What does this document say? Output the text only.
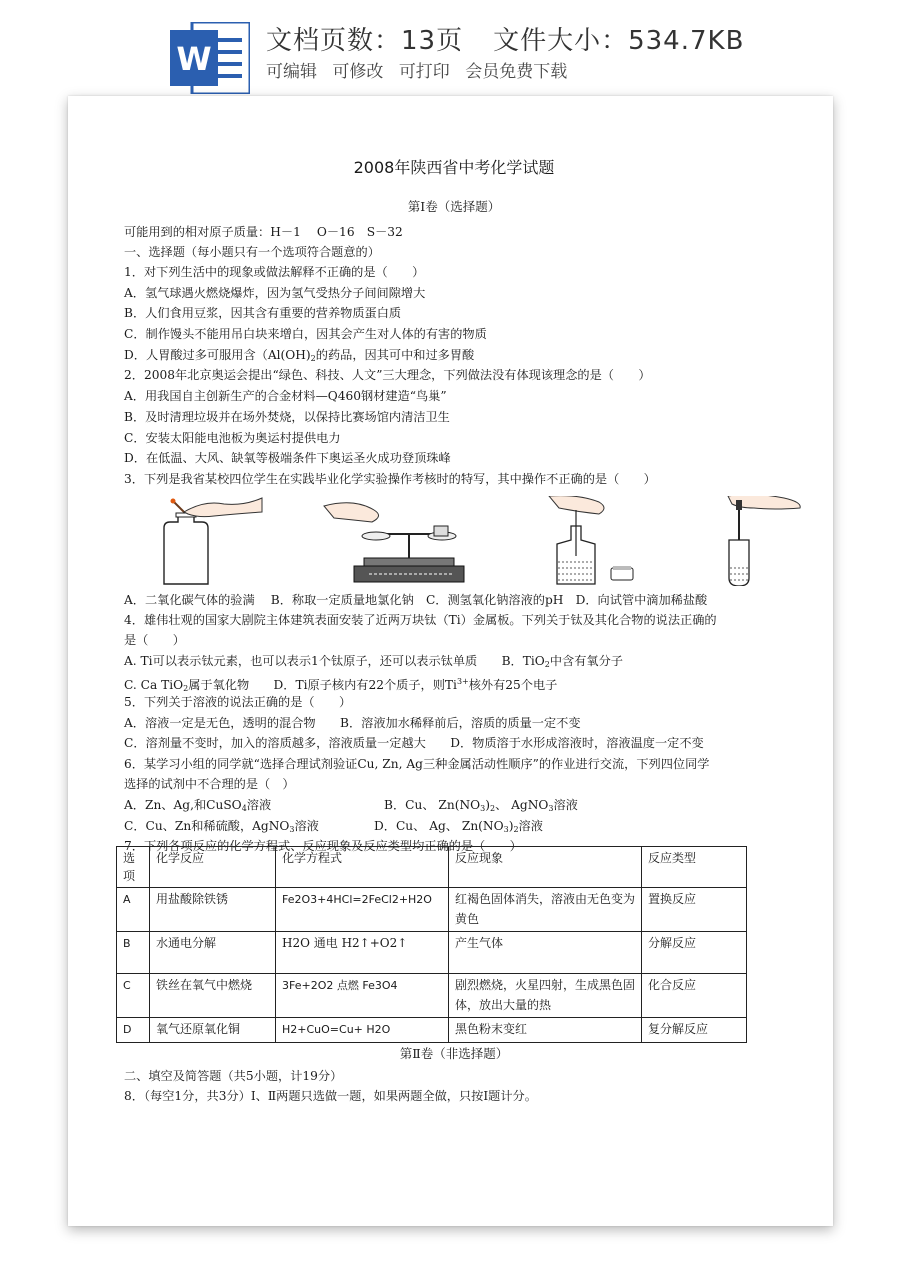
W 文档页数：13页 文件大小：534.7KB
可编辑 可修改 可打印 会员免费下载
2008年陕西省中考化学试题
第Ⅰ卷（选择题）
可能用到的相对原子质量：H－1　 O－16　S－32
一、选择题（每小题只有一个选项符合题意的）
1．对下列生活中的现象或做法解释不正确的是（　　）
A．氢气球遇火燃烧爆炸，因为氢气受热分子间间隙增大
B．人们食用豆浆，因其含有重要的营养物质蛋白质
C．制作馒头不能用吊白块来增白，因其会产生对人体的有害的物质
D．人胃酸过多可服用含（$Al(OH)_2$的药品，因其可中和过多胃酸
2．2008年北京奥运会提出“绿色、科技、人文”三大理念，下列做法没有体现该理念的是（　　）
A．用我国自主创新生产的合金材料—Q460钢材建造“鸟巢”
B．及时清理垃圾并在场外焚烧，以保持比赛场馆内清洁卫生
C．安装太阳能电池板为奥运村提供电力
D．在低温、大风、缺氧等极端条件下奥运圣火成功登顶珠峰
3．下列是我省某校四位学生在实践毕业化学实验操作考核时的特写，其中操作不正确的是（　　）
A．二氧化碳气体的验满　 B．称取一定质量地氯化钠　C．测氢氧化钠溶液的pH　D．向试管中滴加稀盐酸
4．雄伟壮观的国家大剧院主体建筑表面安装了近两万块钛（Ti）金属板。下列关于钛及其化合物的说法正确的
是（　　）
A. Ti可以表示钛元素，也可以表示1个钛原子，还可以表示钛单质　　B．TiO$_2$中含有氧分子
C. Ca TiO$_2$属于氧化物　　D．Ti原子核内有22个质子，则$Ti^{3+}$核外有25个电子
5．下列关于溶液的说法正确的是（　　）
A．溶液一定是无色，透明的混合物　　B．溶液加水稀释前后，溶质的质量一定不变
C．溶剂量不变时，加入的溶质越多，溶液质量一定越大　　D．物质溶于水形成溶液时，溶液温度一定不变
6．某学习小组的同学就“选择合理试剂验证Cu, Zn, Ag三种金属活动性顺序”的作业进行交流，下列四位同学
选择的试剂中不合理的是（　）
A．Zn、Ag,和CuSO$_4$溶液	B．Cu、 $Zn(NO_3)_2$、 AgNO$_3$溶液
C．Cu、Zn和稀硫酸，AgNO$_3$溶液	D．Cu、 Ag、 $Zn(NO_3)_2$溶液
7．下列各项反应的化学方程式、反应现象及反应类型均正确的是（　　）
选项	化学反应	化学方程式	反应现象	反应类型
A	用盐酸除铁锈	Fe2O3+4HCl=2FeCl2+H2O	红褐色固体消失，溶液由无色变为黄色	置换反应
B	水通电分解	H2O 通电 H2↑+O2↑	产生气体	分解反应
C	铁丝在氧气中燃烧	3Fe+2O2 点燃 Fe3O4	剧烈燃烧，火星四射，生成黑色固体，放出大量的热	化合反应
D	氧气还原氧化铜	H2+CuO=Cu+ H2O	黑色粉末变红	复分解反应
第Ⅱ卷（非选择题）
二、填空及简答题（共5小题，计19分）
8．（每空1分，共3分）Ⅰ、Ⅱ两题只选做一题，如果两题全做，只按Ⅰ题计分。
